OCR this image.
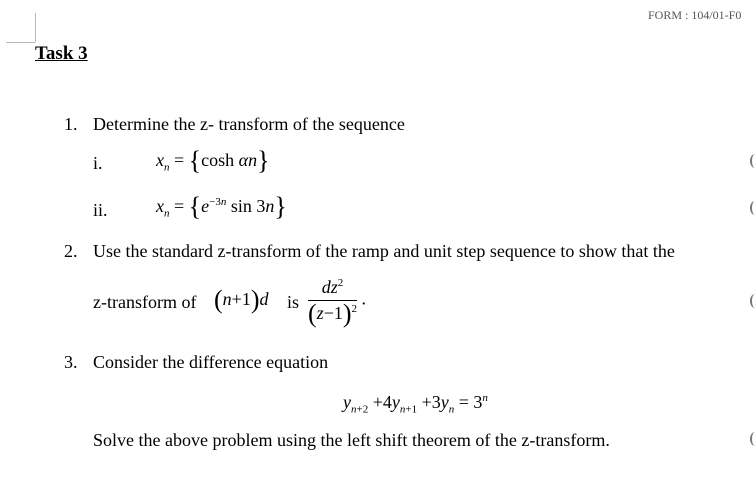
FORM : 104/01-F0
Task 3
1. Determine the z- transform of the sequence
i.	$x_n = \{\cosh$ αn}
ii.	$x_n = \{e^{-3n}$ sin 3n}
2. Use the standard z-transform of the ramp and unit step sequence to show that the
z-transform of (n+1)d is $\frac{dz^2}{(z-1)^2}$ .
3. Consider the difference equation
$y_{n+2} +4y_{n+1} +3y_n = 3^n$
Solve the above problem using the left shift theorem of the z-transform.
